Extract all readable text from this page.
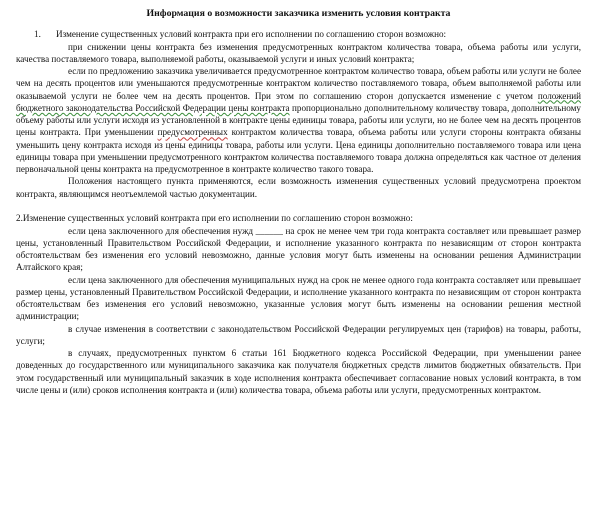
Информация о возможности заказчика изменить условия контракта

1. Изменение существенных условий контракта при его исполнении по соглашению сторон возможно:

при снижении цены контракта без изменения предусмотренных контрактом количества товара, объема работы или услуги, качества поставляемого товара, выполняемой работы, оказываемой услуги и иных условий контракта;

если по предложению заказчика увеличивается предусмотренное контрактом количество товара, объем работы или услуги не более чем на десять процентов или уменьшаются предусмотренные контрактом количество поставляемого товара, объем выполняемой работы или оказываемой услуги не более чем на десять процентов. При этом по соглашению сторон допускается изменение с учетом положений бюджетного законодательства Российской Федерации цены контракта пропорционально дополнительному количеству товара, дополнительному объему работы или услуги исходя из установленной в контракте цены единицы товара, работы или услуги, но не более чем на десять процентов цены контракта. При уменьшении предусмотренных контрактом количества товара, объема работы или услуги стороны контракта обязаны уменьшить цену контракта исходя из цены единицы товара, работы или услуги. Цена единицы дополнительно поставляемого товара или цена единицы товара при уменьшении предусмотренного контрактом количества поставляемого товара должна определяться как частное от деления первоначальной цены контракта на предусмотренное в контракте количество такого товара.

Положения настоящего пункта применяются, если возможность изменения существенных условий предусмотрена проектом контракта, являющимся неотъемлемой частью документации.

2.Изменение существенных условий контракта при его исполнении по соглашению сторон возможно:

если цена заключенного для обеспечения нужд ______ на срок не менее чем три года контракта составляет или превышает размер цены, установленный Правительством Российской Федерации, и исполнение указанного контракта по независящим от сторон контракта обстоятельствам без изменения его условий невозможно, данные условия могут быть изменены на основании решения Администрации Алтайского края;

если цена заключенного для обеспечения муниципальных нужд на срок не менее одного года контракта составляет или превышает размер цены, установленный Правительством Российской Федерации, и исполнение указанного контракта по независящим от сторон контракта обстоятельствам без изменения его условий невозможно, указанные условия могут быть изменены на основании решения местной администрации;

в случае изменения в соответствии с законодательством Российской Федерации регулируемых цен (тарифов) на товары, работы, услуги;

в случаях, предусмотренных пунктом 6 статьи 161 Бюджетного кодекса Российской Федерации, при уменьшении ранее доведенных до государственного или муниципального заказчика как получателя бюджетных средств лимитов бюджетных обязательств. При этом государственный или муниципальный заказчик в ходе исполнения контракта обеспечивает согласование новых условий контракта, в том числе цены и (или) сроков исполнения контракта и (или) количества товара, объема работы или услуги, предусмотренных контрактом.
